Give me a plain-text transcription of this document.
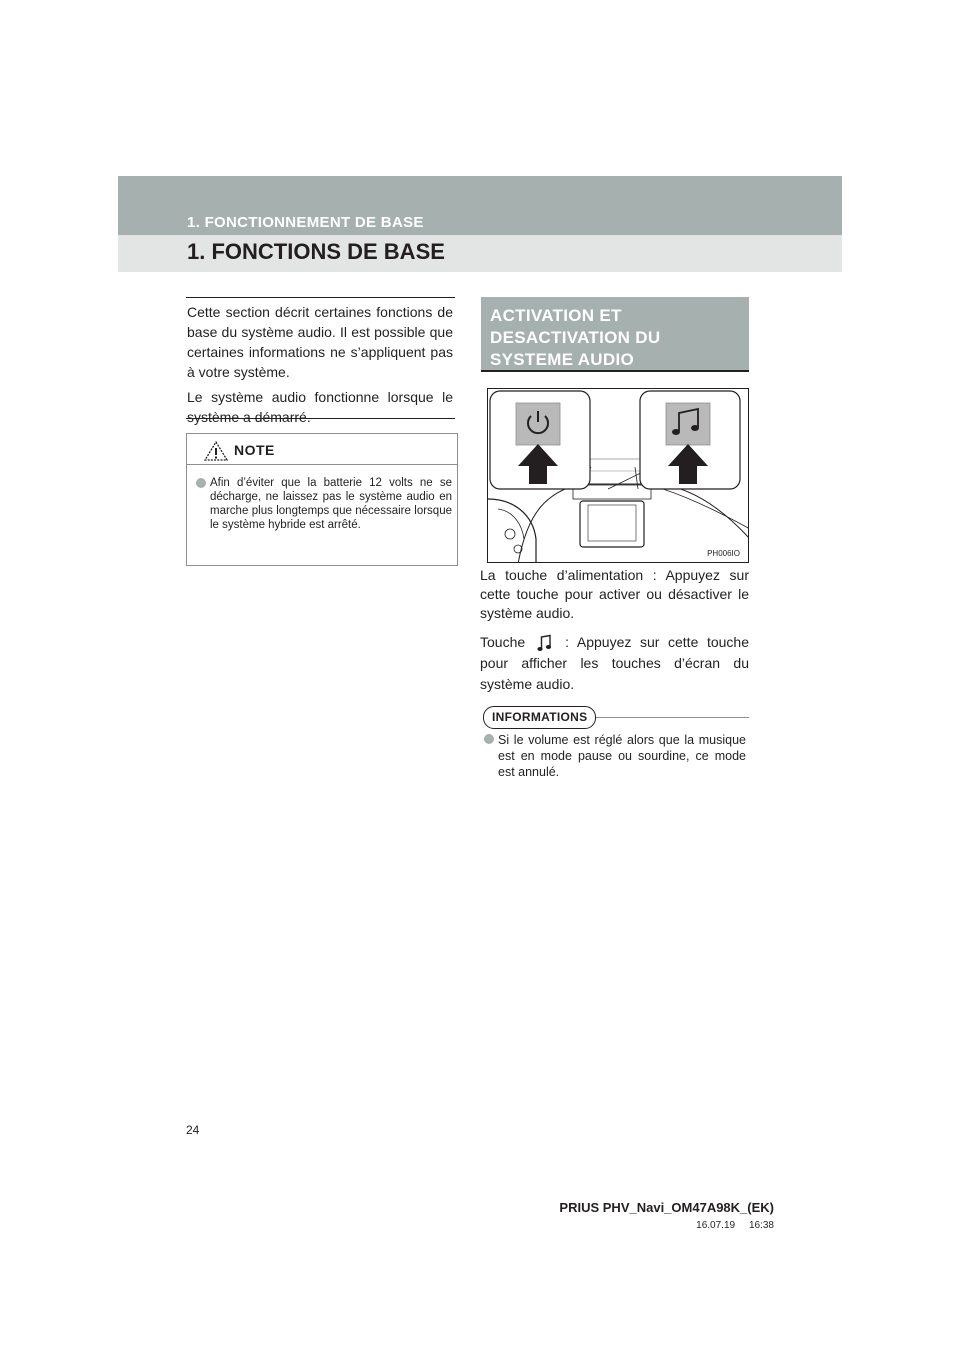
1. FONCTIONNEMENT DE BASE
1. FONCTIONS DE BASE

Cette section décrit certaines fonctions de base du système audio. Il est possible que certaines informations ne s’appliquent pas à votre système.

Le système audio fonctionne lorsque le système a démarré.

NOTE

Afin d’éviter que la batterie 12 volts ne se décharge, ne laissez pas le système audio en marche plus longtemps que nécessaire lorsque le système hybride est arrêté.

ACTIVATION ET DESACTIVATION DU SYSTEME AUDIO
PH006IO

La touche d’alimentation : Appuyez sur cette touche pour activer ou désactiver le système audio.

Touche	: Appuyez sur cette touche pour afficher les touches d’écran du système audio.

INFORMATIONS

Si le volume est réglé alors que la musique est en mode pause ou sourdine, ce mode est annulé.

24
PRIUS PHV_Navi_OM47A98K_(EK)
16.07.19     16:38
